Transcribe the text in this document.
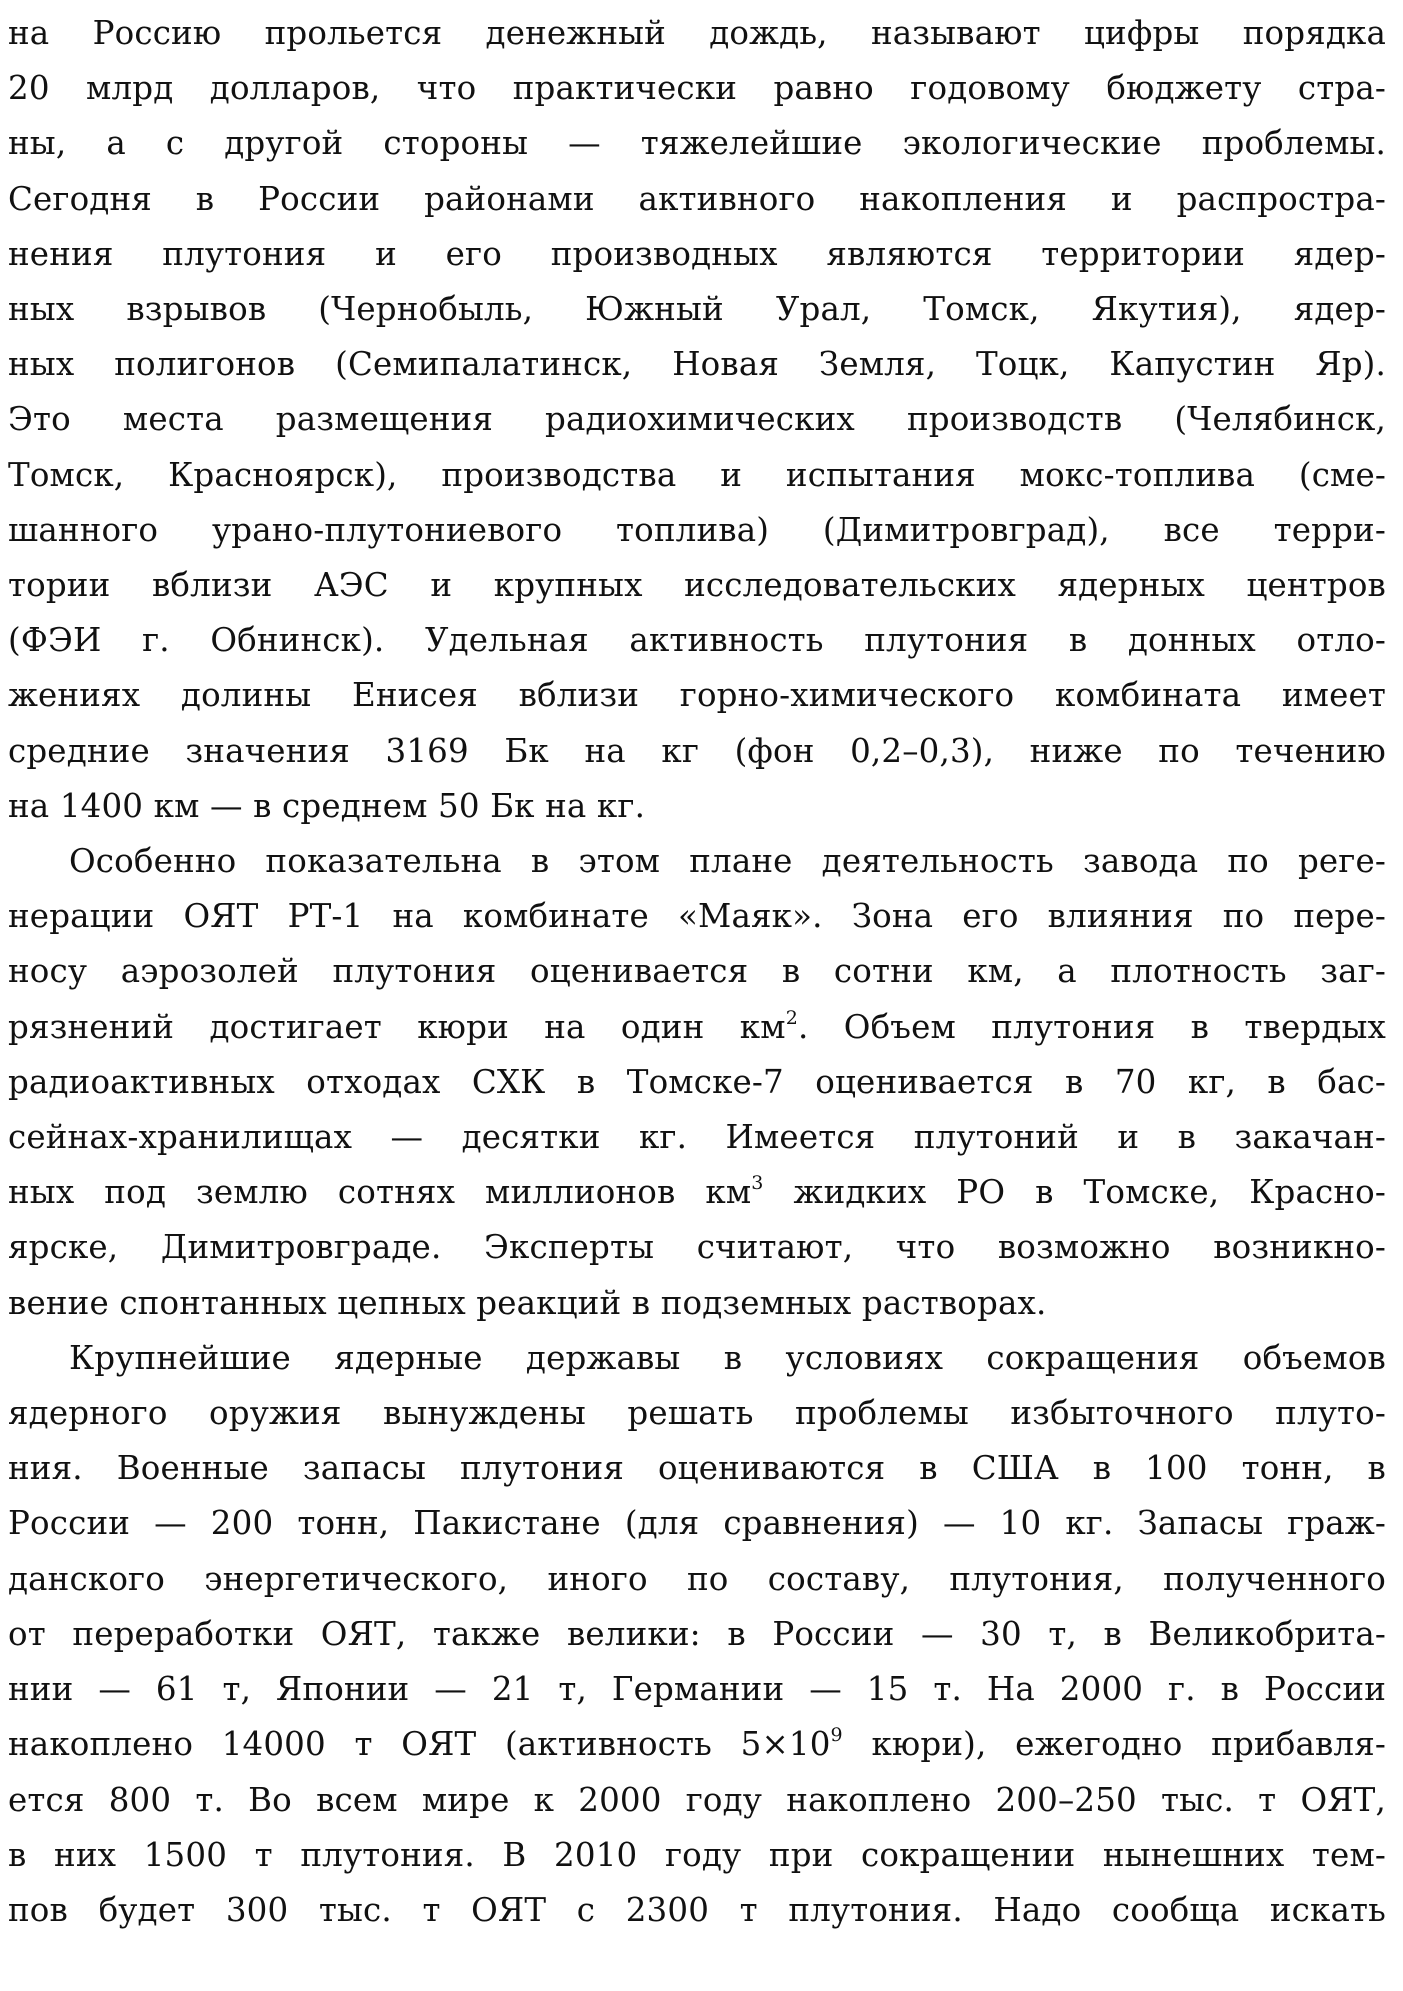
на Россию прольется денежный дождь, называют цифры порядка
20 млрд долларов, что практически равно годовому бюджету стра-
ны, а с другой стороны — тяжелейшие экологические проблемы.
Сегодня в России районами активного накопления и распростра-
нения плутония и его производных являются территории ядер-
ных взрывов (Чернобыль, Южный Урал, Томск, Якутия), ядер-
ных полигонов (Семипалатинск, Новая Земля, Тоцк, Капустин Яр).
Это места размещения радиохимических производств (Челябинск,
Томск, Красноярск), производства и испытания мокс-топлива (сме-
шанного урано-плутониевого топлива) (Димитровград), все терри-
тории вблизи АЭС и крупных исследовательских ядерных центров
(ФЭИ г. Обнинск). Удельная активность плутония в донных отло-
жениях долины Енисея вблизи горно-химического комбината имеет
средние значения 3169 Бк на кг (фон 0,2–0,3), ниже по течению
на 1400 км — в среднем 50 Бк на кг.

Особенно показательна в этом плане деятельность завода по реге-
нерации ОЯТ РТ-1 на комбинате «Маяк». Зона его влияния по пере-
носу аэрозолей плутония оценивается в сотни км, а плотность заг-
рязнений достигает кюри на один $км^2$. Объем плутония в твердых
радиоактивных отходах СХК в Томске-7 оценивается в 70 кг, в бас-
сейнах-хранилищах — десятки кг. Имеется плутоний и в закачан-
ных под землю сотнях миллионов $км^3$ жидких РО в Томске, Красно-
ярске, Димитровграде. Эксперты считают, что возможно возникно-
вение спонтанных цепных реакций в подземных растворах.

Крупнейшие ядерные державы в условиях сокращения объемов
ядерного оружия вынуждены решать проблемы избыточного плуто-
ния. Военные запасы плутония оцениваются в США в 100 тонн, в
России — 200 тонн, Пакистане (для сравнения) — 10 кг. Запасы граж-
данского энергетического, иного по составу, плутония, полученного
от переработки ОЯТ, также велики: в России — 30 т, в Великобрита-
нии — 61 т, Японии — 21 т, Германии — 15 т. На 2000 г. в России
накоплено 14000 т ОЯТ (активность $5\times 10^9$ кюри), ежегодно прибавля-
ется 800 т. Во всем мире к 2000 году накоплено 200–250 тыс. т ОЯТ,
в них 1500 т плутония. В 2010 году при сокращении нынешних тем-
пов будет 300 тыс. т ОЯТ с 2300 т плутония. Надо сообща искать
